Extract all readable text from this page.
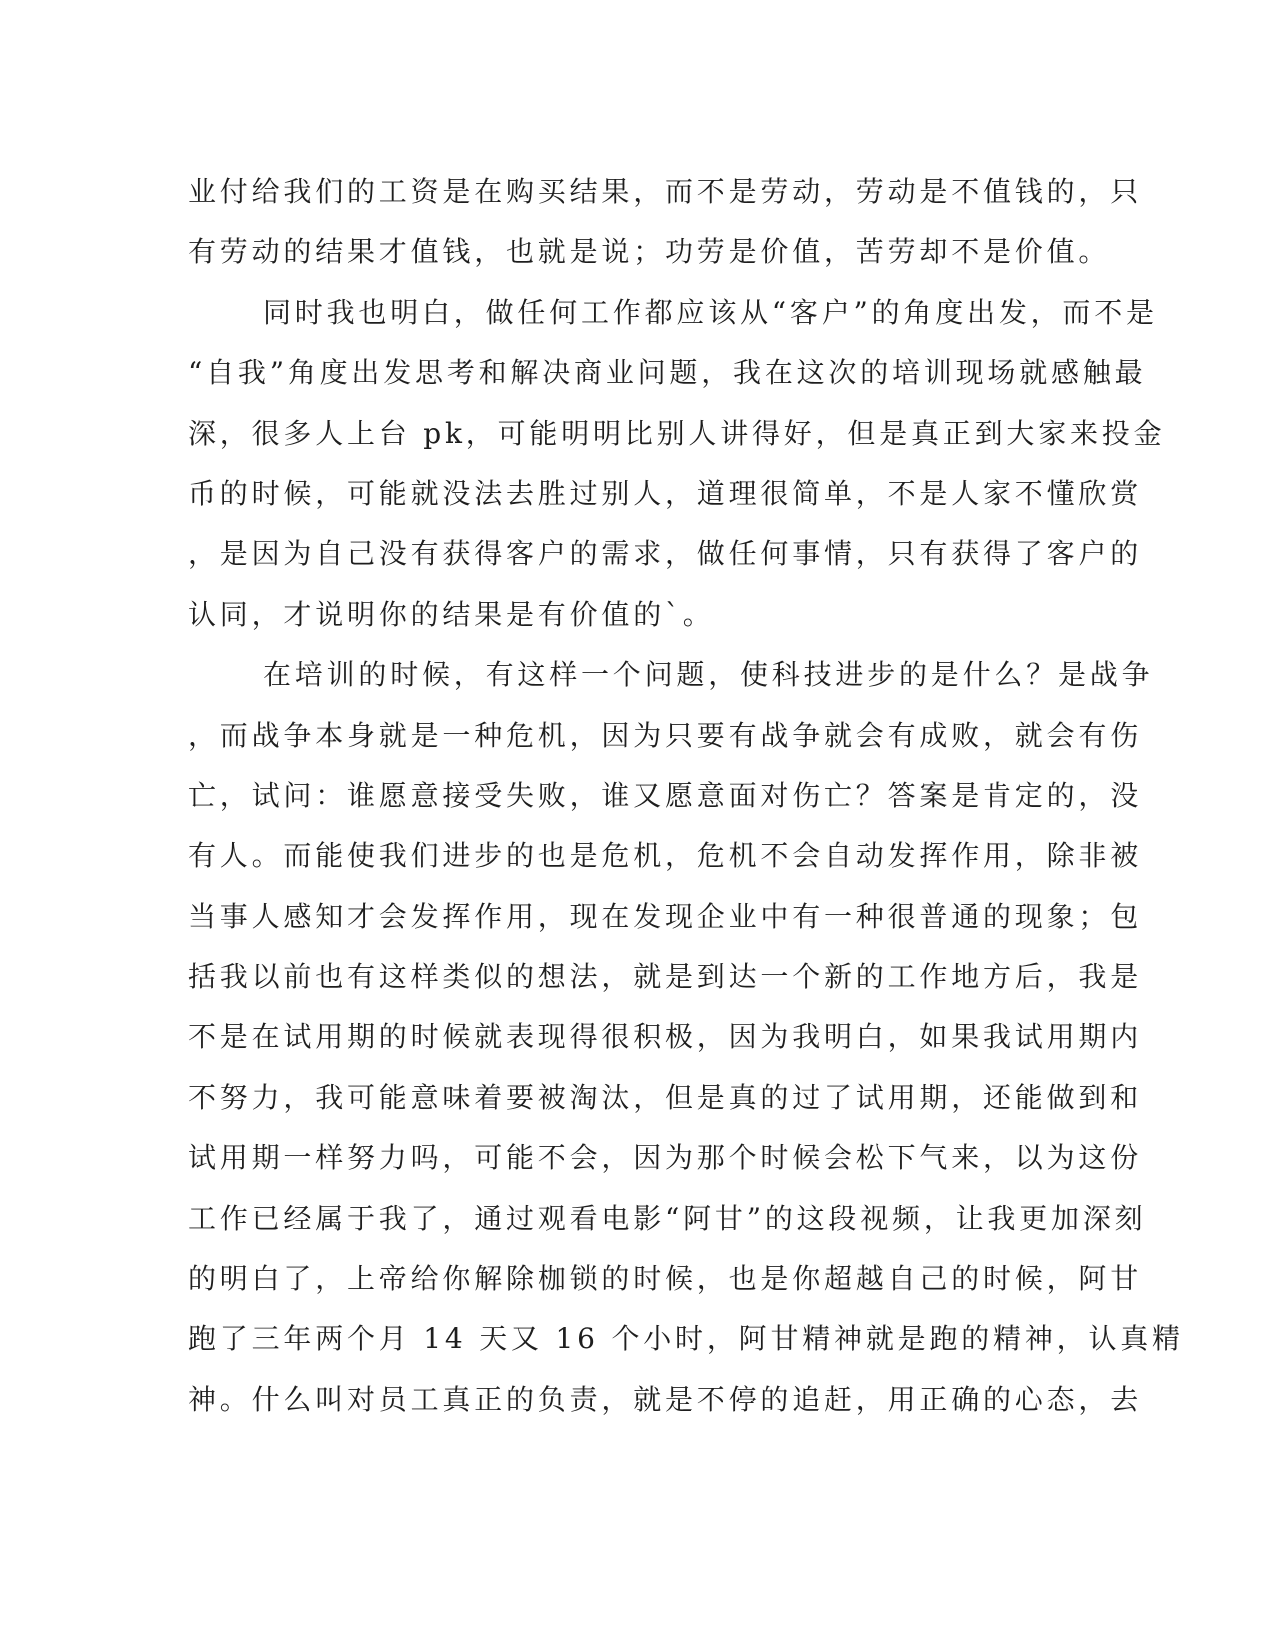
业付给我们的工资是在购买结果，而不是劳动，劳动是不值钱的，只
有劳动的结果才值钱，也就是说；功劳是价值，苦劳却不是价值。
同时我也明白，做任何工作都应该从“客户”的角度出发，而不是
“自我”角度出发思考和解决商业问题，我在这次的培训现场就感触最
深，很多人上台 pk，可能明明比别人讲得好，但是真正到大家来投金
币的时候，可能就没法去胜过别人，道理很简单，不是人家不懂欣赏
，是因为自己没有获得客户的需求，做任何事情，只有获得了客户的
认同，才说明你的结果是有价值的`。
在培训的时候，有这样一个问题，使科技进步的是什么？是战争
，而战争本身就是一种危机，因为只要有战争就会有成败，就会有伤
亡，试问：谁愿意接受失败，谁又愿意面对伤亡？答案是肯定的，没
有人。而能使我们进步的也是危机，危机不会自动发挥作用，除非被
当事人感知才会发挥作用，现在发现企业中有一种很普通的现象；包
括我以前也有这样类似的想法，就是到达一个新的工作地方后，我是
不是在试用期的时候就表现得很积极，因为我明白，如果我试用期内
不努力，我可能意味着要被淘汰，但是真的过了试用期，还能做到和
试用期一样努力吗，可能不会，因为那个时候会松下气来，以为这份
工作已经属于我了，通过观看电影“阿甘”的这段视频，让我更加深刻
的明白了，上帝给你解除枷锁的时候，也是你超越自己的时候，阿甘
跑了三年两个月 14 天又 16 个小时，阿甘精神就是跑的精神，认真精
神。什么叫对员工真正的负责，就是不停的追赶，用正确的心态，去
